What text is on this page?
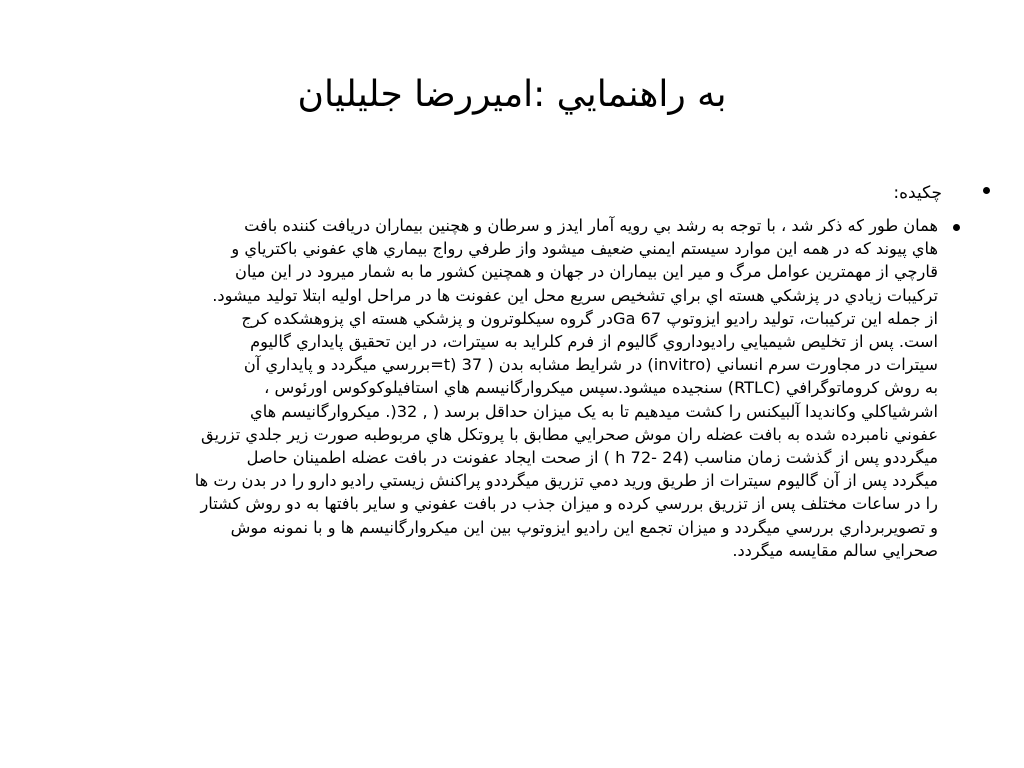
به راهنمايي :اميررضا جليليان
چكيده:
همان طور كه ذكر شد ، با توجه به رشد بي رويه آمار ايدز و سرطان و هچنين بيماران دريافت كننده بافت
هاي پيوند كه در همه اين موارد سيستم ايمني ضعيف ميشود واز طرفي رواج بيماري هاي عفوني باكترياي و
قارچي از مهمترين عوامل مرگ و مير اين بيماران در جهان و همچنين كشور ما به شمار ميرود در اين ميان
تركيبات زيادي در پزشكي هسته اي براي تشخيص سريع محل اين عفونت ها در مراحل اوليه ابتلا توليد ميشود.
از جمله اين تركيبات، توليد راديو ايزوتوپ Ga 67در گروه سيكلوترون و پزشكي هسته اي پزوهشكده كرج
است. پس از تخليص شيميايي راديوداروي گاليوم از فرم كلرايد به سيترات، در اين تحقيق پايداري گاليوم
سيترات در مجاورت سرم انساني (invitro) در شرايط مشابه بدن ( 37 (t=بررسي ميگردد و پايداري آن
به روش كروماتوگرافي (RTLC) سنجيده ميشود.سپس ميكروارگانيسم هاي استافيلوكوكوس اورئوس ،
اشرشياكلي وكانديدا آلبيكنس را كشت ميدهيم تا به يک ميزان حداقل برسد ( , 32(. ميكروارگانيسم هاي
عفوني نامبرده شده به بافت عضله ران موش صحرايي مطابق با پروتكل هاي مربوطبه صورت زير جلدي تزريق
ميگرددو پس از گذشت زمان مناسب (24 -72 h ) از صحت ايجاد عفونت در بافت عضله اطمينان حاصل
ميگردد پس از آن گاليوم سيترات از طريق وريد دمي تزريق ميگرددو پراكنش زيستي راديو دارو را در بدن رت ها
را در ساعات مختلف پس از تزريق بررسي كرده و ميزان جذب در بافت عفوني و ساير بافتها به دو روش كشتار
و تصويربرداري بررسي ميگردد و ميزان تجمع اين راديو ايزوتوپ بين اين ميكروارگانيسم ها و با نمونه موش
صحرايي سالم مقايسه ميگردد.
